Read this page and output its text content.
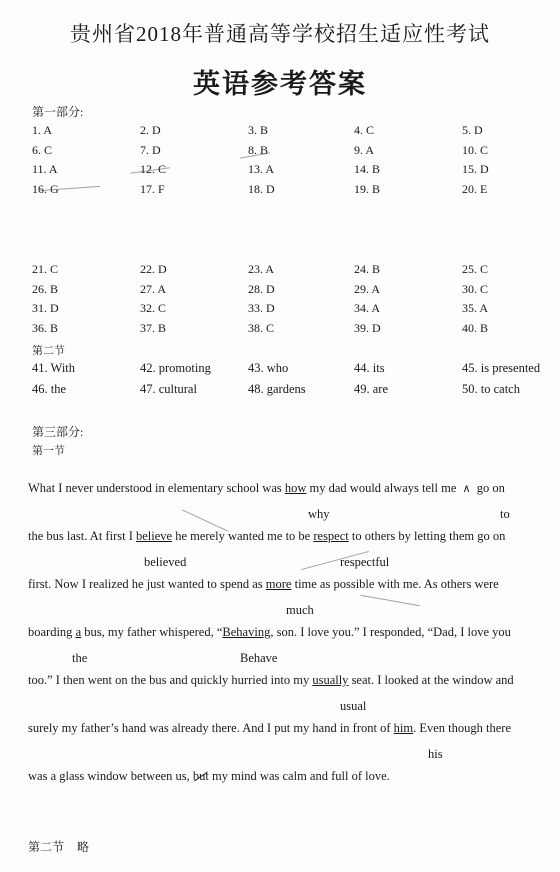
贵州省2018年普通高等学校招生适应性考试
英语参考答案
第一部分:
1. A	2. D	3. B	4. C	5. D
6. C	7. D	8. B	9. A	10. C
11. A	12. C	13. A	14. B	15. D
16. G	17. F	18. D	19. B	20. E
21. C	22. D	23. A	24. B	25. C
26. B	27. A	28. D	29. A	30. C
31. D	32. C	33. D	34. A	35. A
36. B	37. B	38. C	39. D	40. B
第二节
41. With	42. promoting	43. who	44. its	45. is presented
46. the	47. cultural	48. gardens	49. are	50. to catch
第三部分:
第一节
What I never understood in elementary school was how my dad would always tell me ∧ go on
why	to
the bus last. At first I believe he merely wanted me to be respect to others by letting them go on
believed	respectful
first. Now I realized he just wanted to spend as more time as possible with me. As others were
much
boarding a bus, my father whispered, “Behaving, son. I love you.” I responded, “Dad, I love you
the	Behave
too.” I then went on the bus and quickly hurried into my usually seat. I looked at the window and
usual
surely my father’s hand was already there. And I put my hand in front of him. Even though there
his
was a glass window between us, but my mind was calm and full of love.
第二节 略
